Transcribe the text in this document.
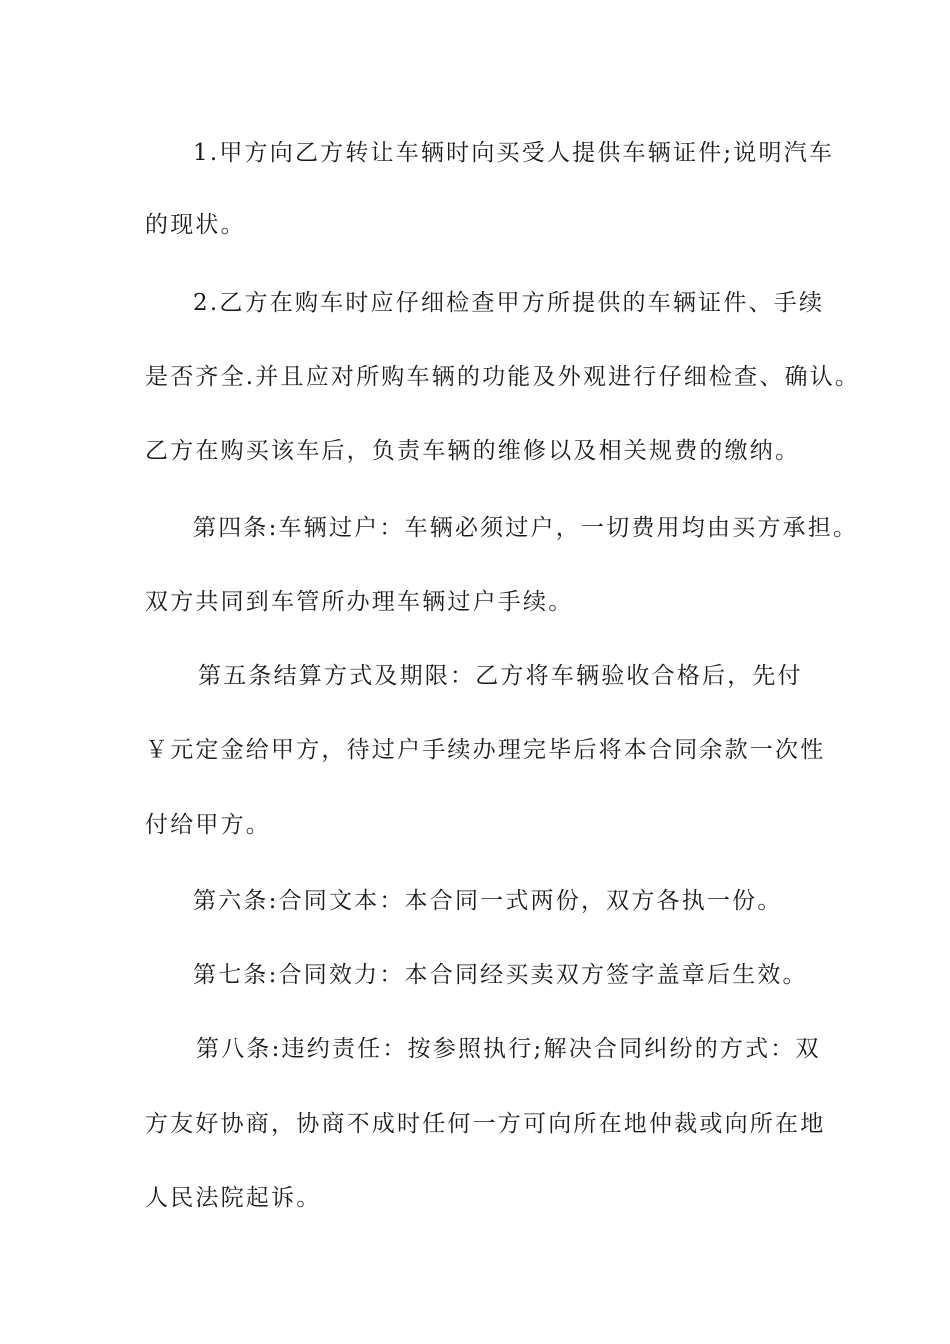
1.甲方向乙方转让车辆时向买受人提供车辆证件;说明汽车
的现状。
2.乙方在购车时应仔细检查甲方所提供的车辆证件、手续
是否齐全.并且应对所购车辆的功能及外观进行仔细检查、确认。
乙方在购买该车后，负责车辆的维修以及相关规费的缴纳。
第四条:车辆过户：车辆必须过户，一切费用均由买方承担。
双方共同到车管所办理车辆过户手续。
第五条结算方式及期限：乙方将车辆验收合格后，先付
￥元定金给甲方，待过户手续办理完毕后将本合同余款一次性
付给甲方。
第六条:合同文本：本合同一式两份，双方各执一份。
第七条:合同效力：本合同经买卖双方签字盖章后生效。
第八条:违约责任：按参照执行;解决合同纠纷的方式：双
方友好协商，协商不成时任何一方可向所在地仲裁或向所在地
人民法院起诉。
